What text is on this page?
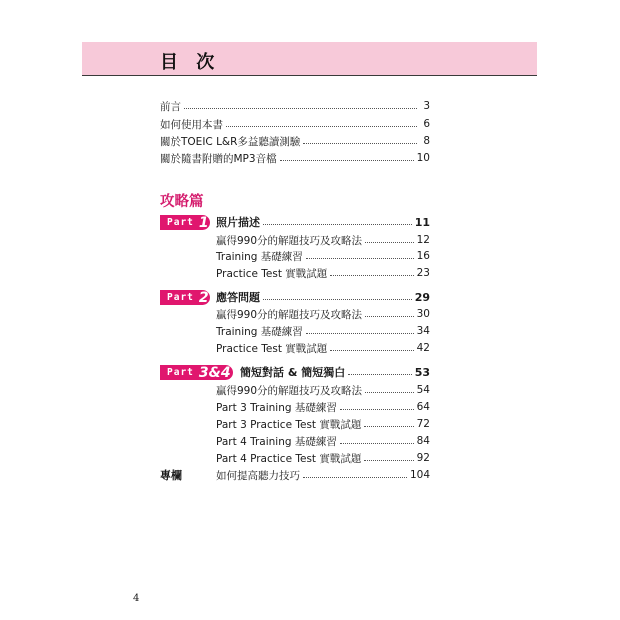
目 次
前言	3
如何使用本書	6
關於TOEIC L&R多益聽讀測驗	8
關於隨書附贈的MP3音檔	10
攻略篇
Part 1 照片描述	11
贏得990分的解題技巧及攻略法	12
Training 基礎練習	16
Practice Test 實戰試題	23
Part 2 應答問題	29
贏得990分的解題技巧及攻略法	30
Training 基礎練習	34
Practice Test 實戰試題	42
Part 3&4 簡短對話 & 簡短獨白	53
贏得990分的解題技巧及攻略法	54
Part 3 Training 基礎練習	64
Part 3 Practice Test 實戰試題	72
Part 4 Training 基礎練習	84
Part 4 Practice Test 實戰試題	92
專欄	如何提高聽力技巧	104
4
